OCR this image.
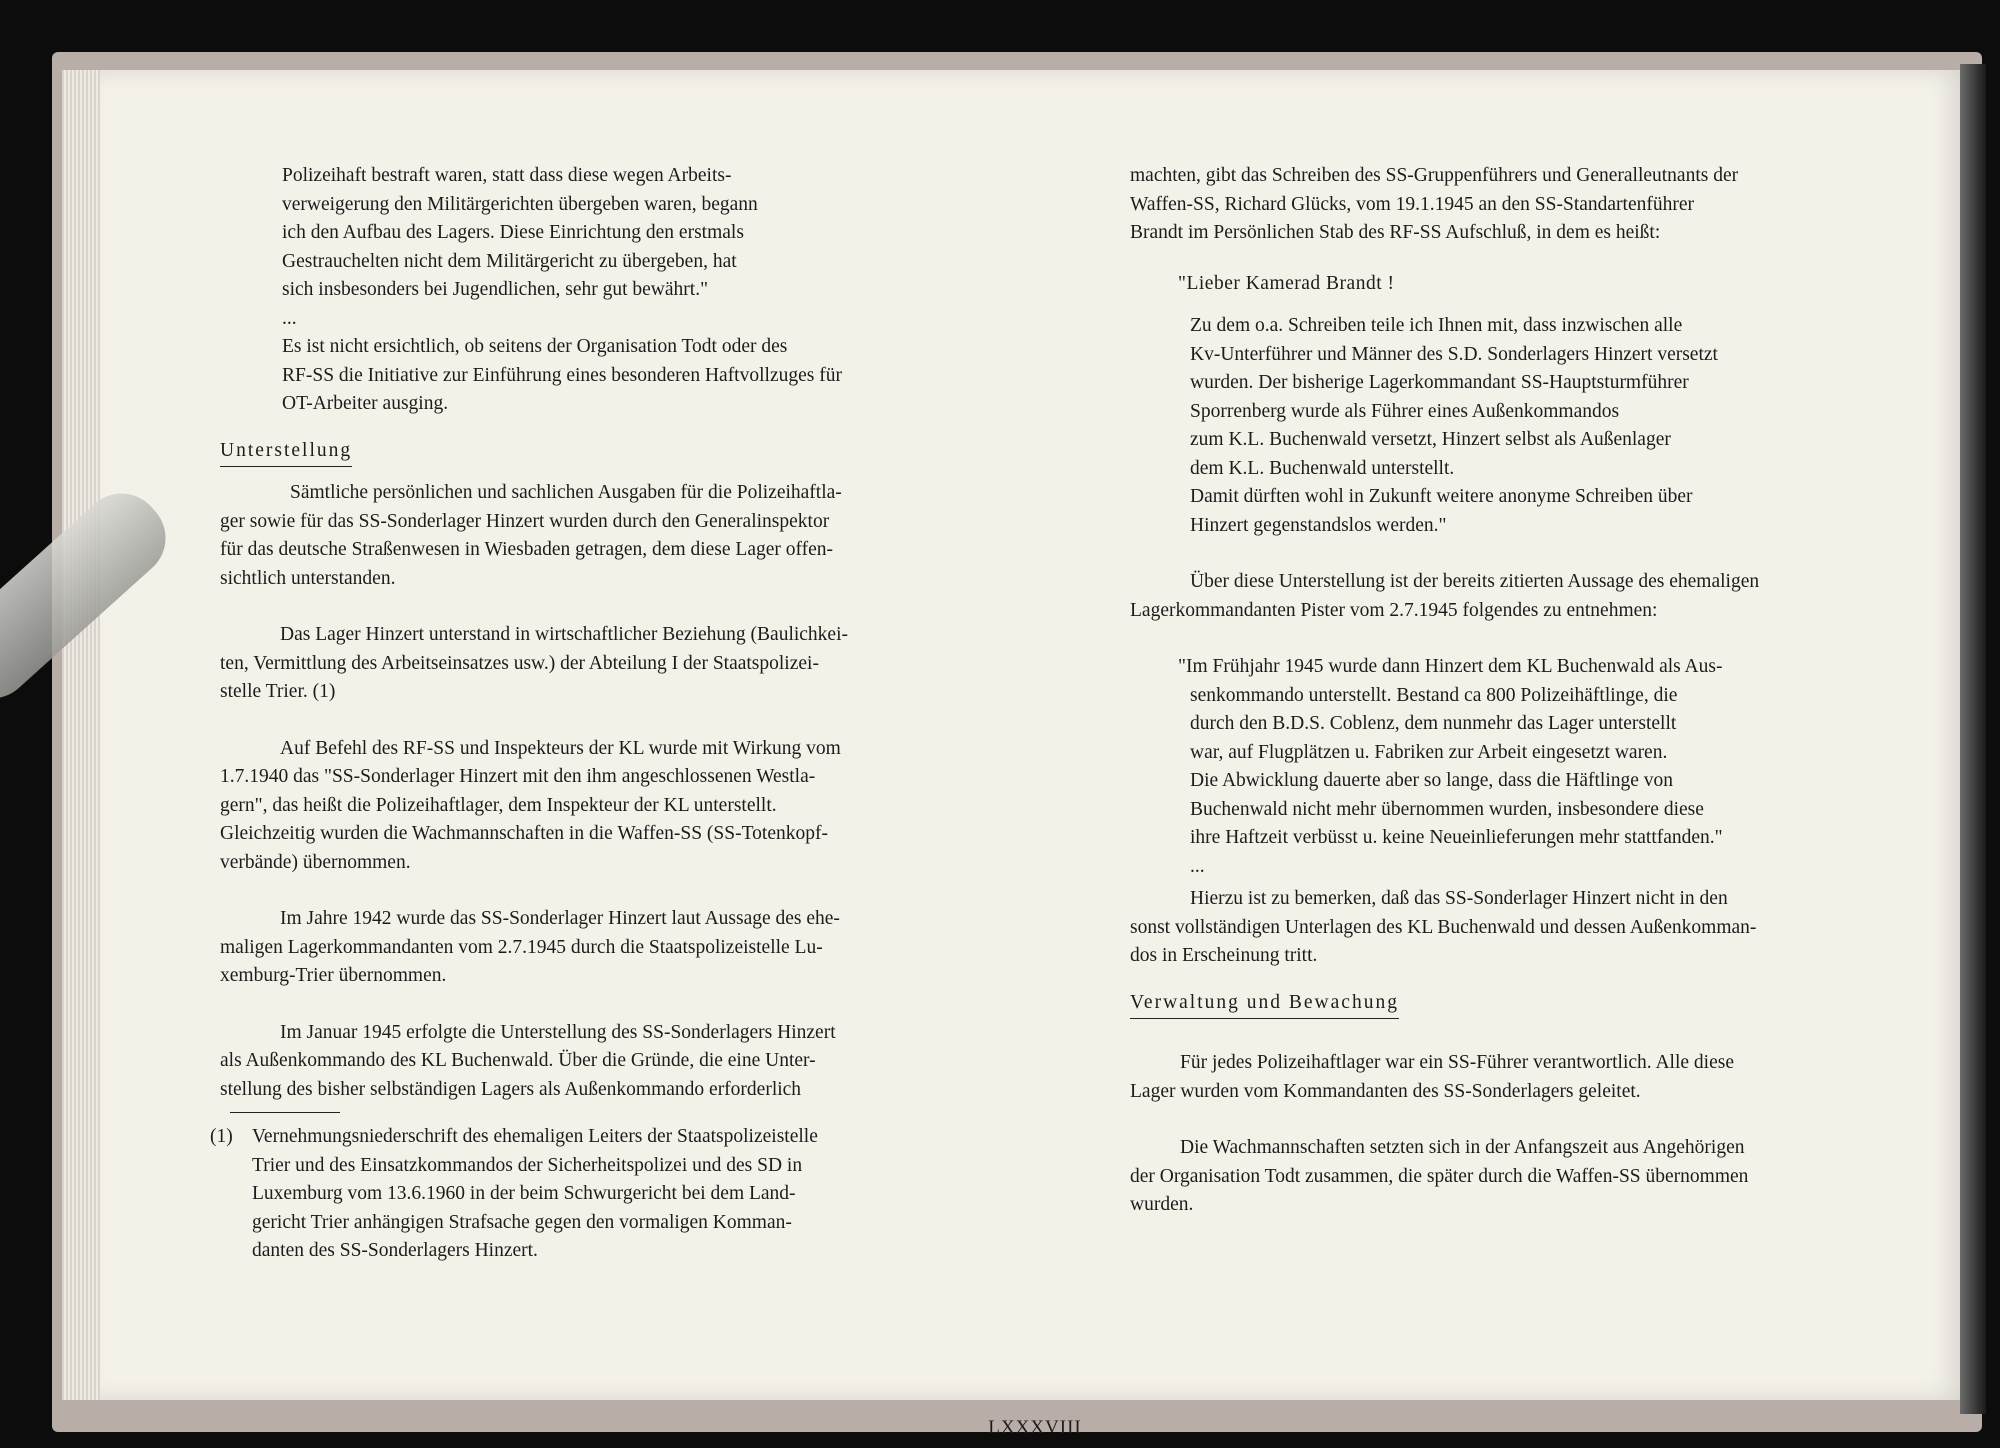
Polizeihaft bestraft waren, statt dass diese wegen Arbeits-
verweigerung den Militärgerichten übergeben waren, begann
ich den Aufbau des Lagers. Diese Einrichtung den erstmals
Gestrauchelten nicht dem Militärgericht zu übergeben, hat
sich insbesonders bei Jugendlichen, sehr gut bewährt."
...
Es ist nicht ersichtlich, ob seitens der Organisation Todt oder des
RF-SS die Initiative zur Einführung eines besonderen Haftvollzuges für
OT-Arbeiter ausging.
Unterstellung
Sämtliche persönlichen und sachlichen Ausgaben für die Polizeihaftla-
ger sowie für das SS-Sonderlager Hinzert wurden durch den Generalinspektor
für das deutsche Straßenwesen in Wiesbaden getragen, dem diese Lager offen-
sichtlich unterstanden.
Das Lager Hinzert unterstand in wirtschaftlicher Beziehung (Baulichkei-
ten, Vermittlung des Arbeitseinsatzes usw.) der Abteilung I der Staatspolizei-
stelle Trier. (1)
Auf Befehl des RF-SS und Inspekteurs der KL wurde mit Wirkung vom
1.7.1940 das "SS-Sonderlager Hinzert mit den ihm angeschlossenen Westla-
gern", das heißt die Polizeihaftlager, dem Inspekteur der KL unterstellt.
Gleichzeitig wurden die Wachmannschaften in die Waffen-SS (SS-Totenkopf-
verbände) übernommen.
Im Jahre 1942 wurde das SS-Sonderlager Hinzert laut Aussage des ehe-
maligen Lagerkommandanten vom 2.7.1945 durch die Staatspolizeistelle Lu-
xemburg-Trier übernommen.
Im Januar 1945 erfolgte die Unterstellung des SS-Sonderlagers Hinzert
als Außenkommando des KL Buchenwald. Über die Gründe, die eine Unter-
stellung des bisher selbständigen Lagers als Außenkommando erforderlich
(1) Vernehmungsniederschrift des ehemaligen Leiters der Staatspolizeistelle
Trier und des Einsatzkommandos der Sicherheitspolizei und des SD in
Luxemburg vom 13.6.1960 in der beim Schwurgericht bei dem Land-
gericht Trier anhängigen Strafsache gegen den vormaligen Komman-
danten des SS-Sonderlagers Hinzert.
machten, gibt das Schreiben des SS-Gruppenführers und Generalleutnants der
Waffen-SS, Richard Glücks, vom 19.1.1945 an den SS-Standartenführer
Brandt im Persönlichen Stab des RF-SS Aufschluß, in dem es heißt:
"Lieber Kamerad Brandt !
Zu dem o.a. Schreiben teile ich Ihnen mit, dass inzwischen alle
Kv-Unterführer und Männer des S.D. Sonderlagers Hinzert versetzt
wurden. Der bisherige Lagerkommandant SS-Hauptsturmführer
Sporrenberg wurde als Führer eines Außenkommandos
zum K.L. Buchenwald versetzt, Hinzert selbst als Außenlager
dem K.L. Buchenwald unterstellt.
Damit dürften wohl in Zukunft weitere anonyme Schreiben über
Hinzert gegenstandslos werden."
Über diese Unterstellung ist der bereits zitierten Aussage des ehemaligen
Lagerkommandanten Pister vom 2.7.1945 folgendes zu entnehmen:
"Im Frühjahr 1945 wurde dann Hinzert dem KL Buchenwald als Aus-
senkommando unterstellt. Bestand ca 800 Polizeihäftlinge, die
durch den B.D.S. Coblenz, dem nunmehr das Lager unterstellt
war, auf Flugplätzen u. Fabriken zur Arbeit eingesetzt waren.
Die Abwicklung dauerte aber so lange, dass die Häftlinge von
Buchenwald nicht mehr übernommen wurden, insbesondere diese
ihre Haftzeit verbüsst u. keine Neueinlieferungen mehr stattfanden."
...
Hierzu ist zu bemerken, daß das SS-Sonderlager Hinzert nicht in den
sonst vollständigen Unterlagen des KL Buchenwald und dessen Außenkomman-
dos in Erscheinung tritt.
Verwaltung und Bewachung
Für jedes Polizeihaftlager war ein SS-Führer verantwortlich. Alle diese
Lager wurden vom Kommandanten des SS-Sonderlagers geleitet.
Die Wachmannschaften setzten sich in der Anfangszeit aus Angehörigen
der Organisation Todt zusammen, die später durch die Waffen-SS übernommen
wurden.
LXXXVIII
